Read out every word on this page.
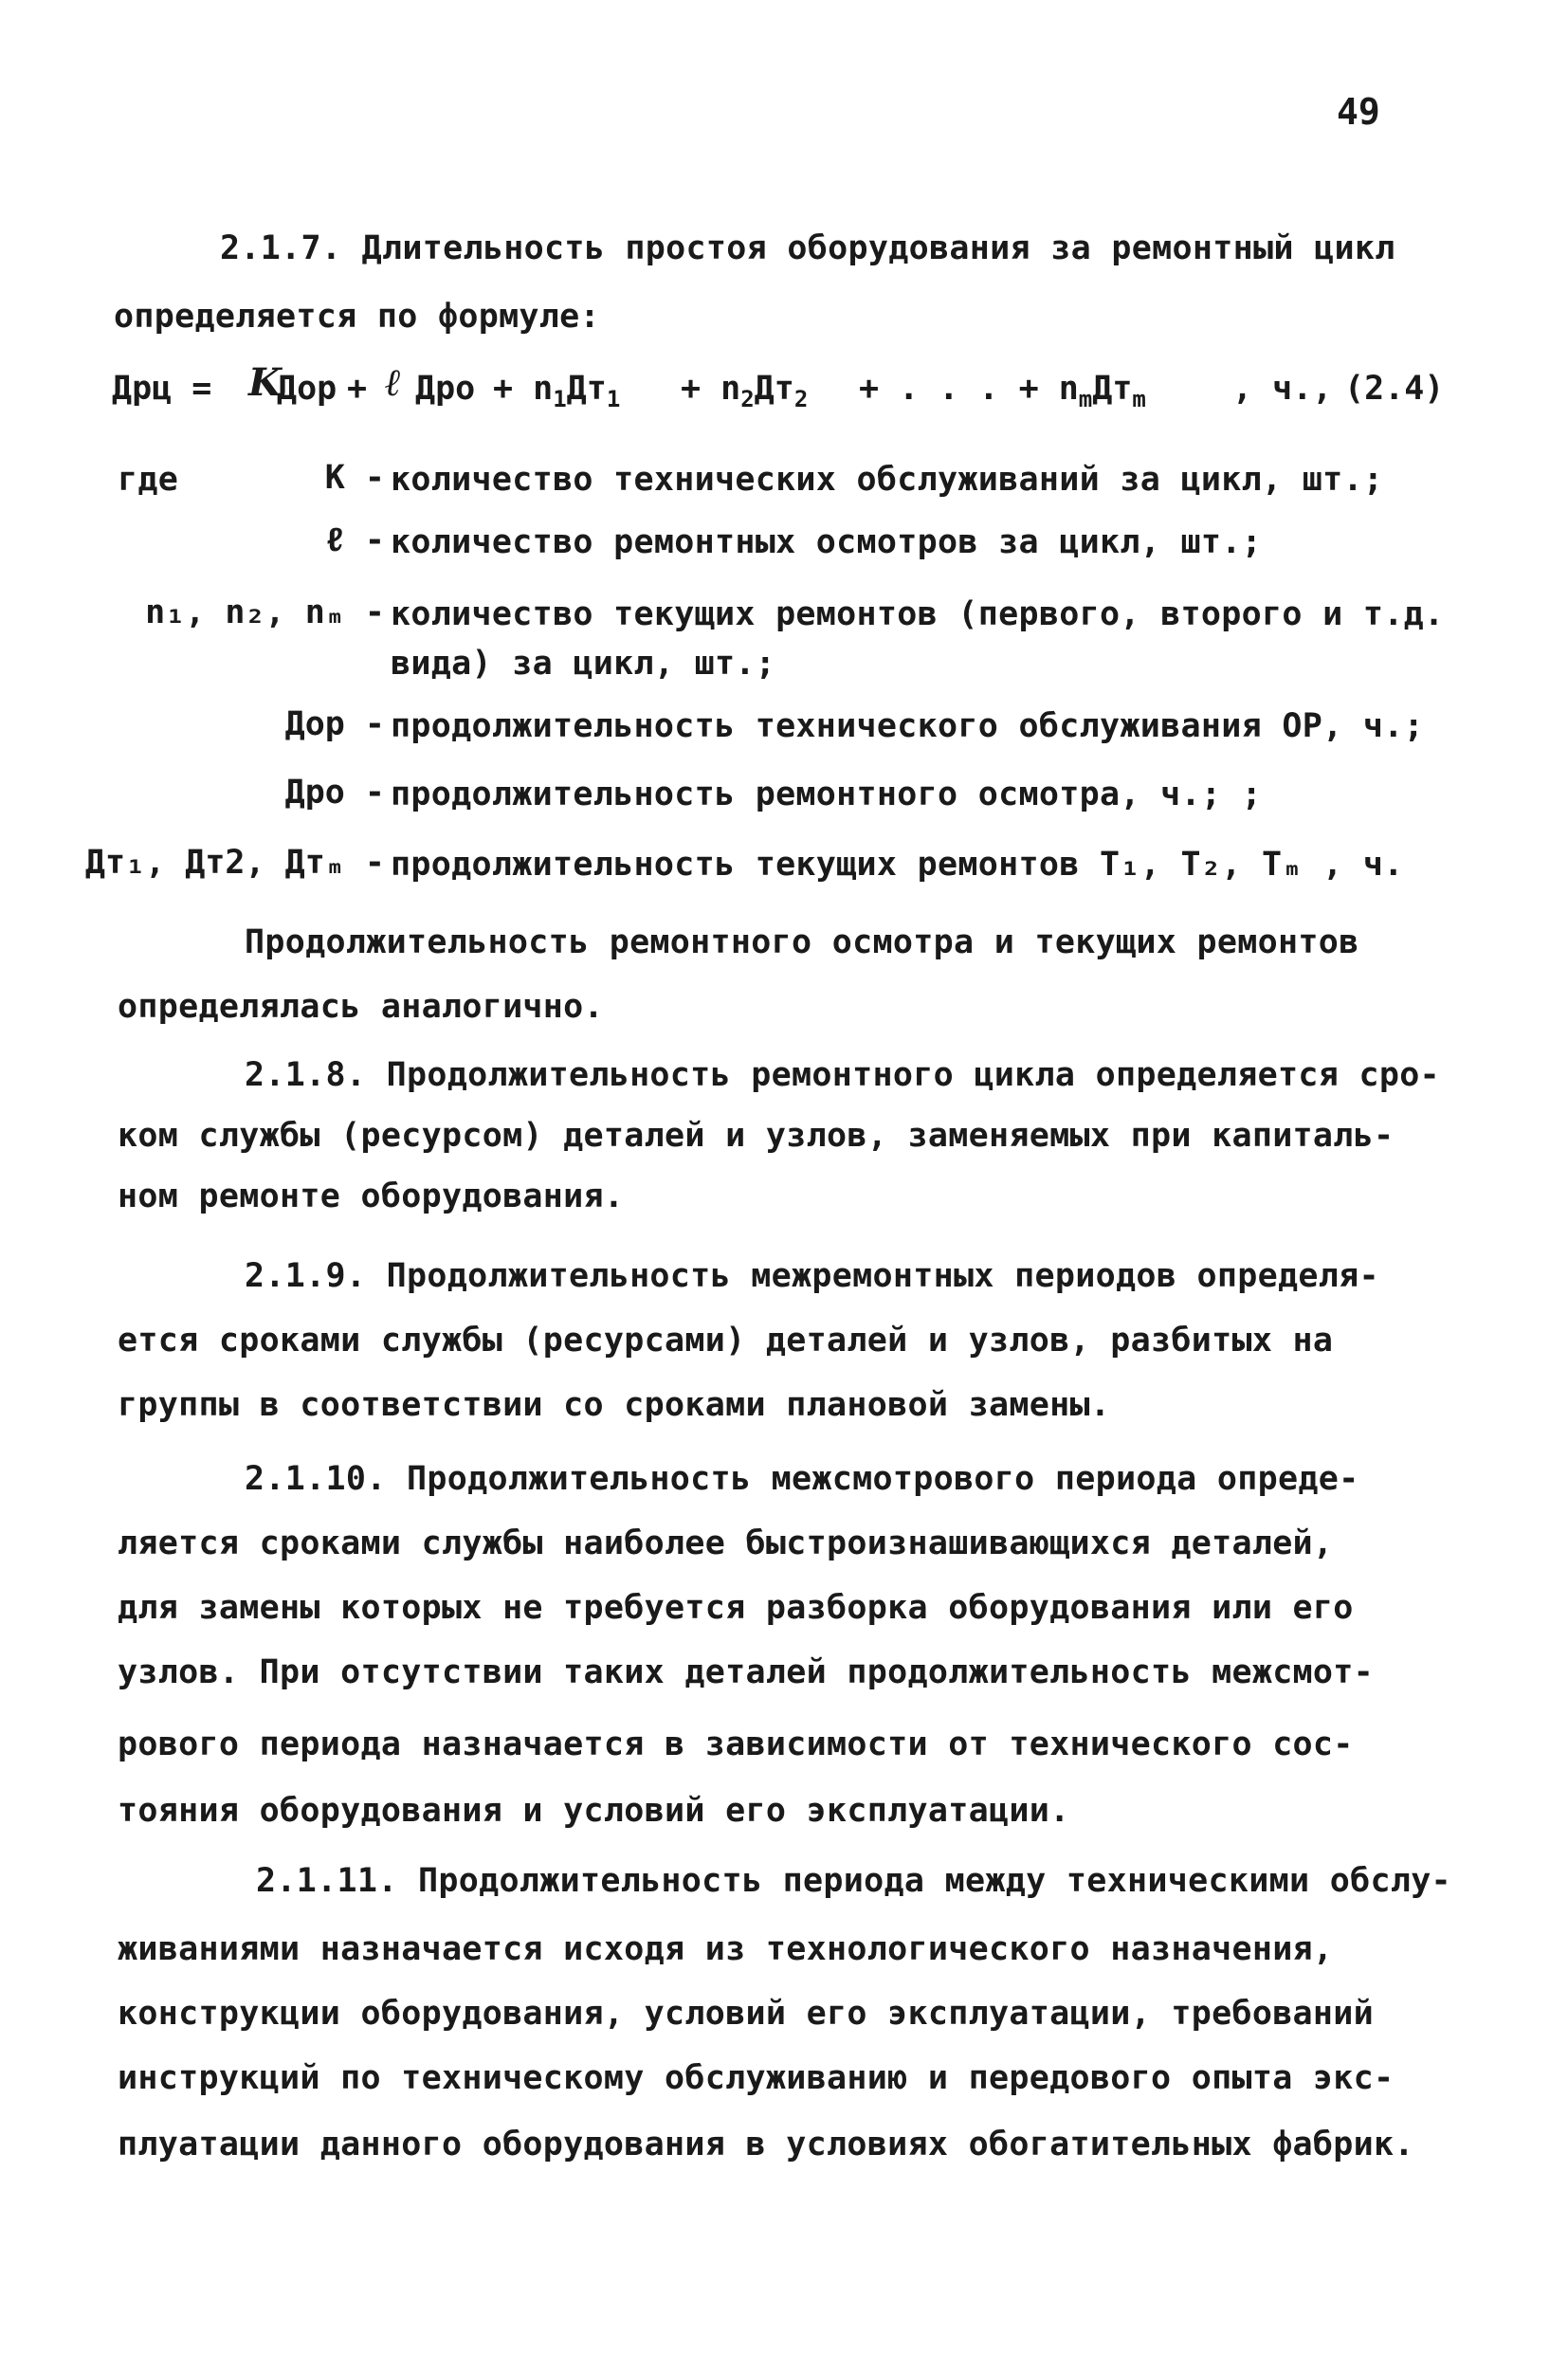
49
2.1.7. Длительность простоя оборудования за ремонтный цикл
определяется по формуле:
Дрц = K
Дор + ℓ Дро + $n_1Дт_1 + n_2Дт_2$ + . . . + $n_mДт_m$	, ч., (2.4)
где	K - количество технических обслуживаний за цикл, шт.;
ℓ - количество ремонтных осмотров за цикл, шт.;
n₁, n₂, nₘ - количество текущих ремонтов (первого, второго и т.д.
вида) за цикл, шт.;
Дор - продолжительность технического обслуживания ОР, ч.;
Дро - продолжительность ремонтного осмотра, ч.; ;
Дт₁, Дт2, Дтₘ - продолжительность текущих ремонтов Т₁, Т₂, Тₘ , ч.
Продолжительность ремонтного осмотра и текущих ремонтов
определялась аналогично.
2.1.8. Продолжительность ремонтного цикла определяется сро-
ком службы (ресурсом) деталей и узлов, заменяемых при капиталь-
ном ремонте оборудования.
2.1.9. Продолжительность межремонтных периодов определя-
ется сроками службы (ресурсами) деталей и узлов, разбитых на
группы в соответствии со сроками плановой замены.
2.1.10. Продолжительность межсмотрового периода опреде-
ляется сроками службы наиболее быстроизнашивающихся деталей,
для замены которых не требуется разборка оборудования или его
узлов. При отсутствии таких деталей продолжительность межсмот-
рового периода назначается в зависимости от технического сос-
тояния оборудования и условий его эксплуатации.
2.1.11. Продолжительность периода между техническими обслу-
живаниями назначается исходя из технологического назначения,
конструкции оборудования, условий его эксплуатации, требований
инструкций по техническому обслуживанию и передового опыта экс-
плуатации данного оборудования в условиях обогатительных фабрик.
